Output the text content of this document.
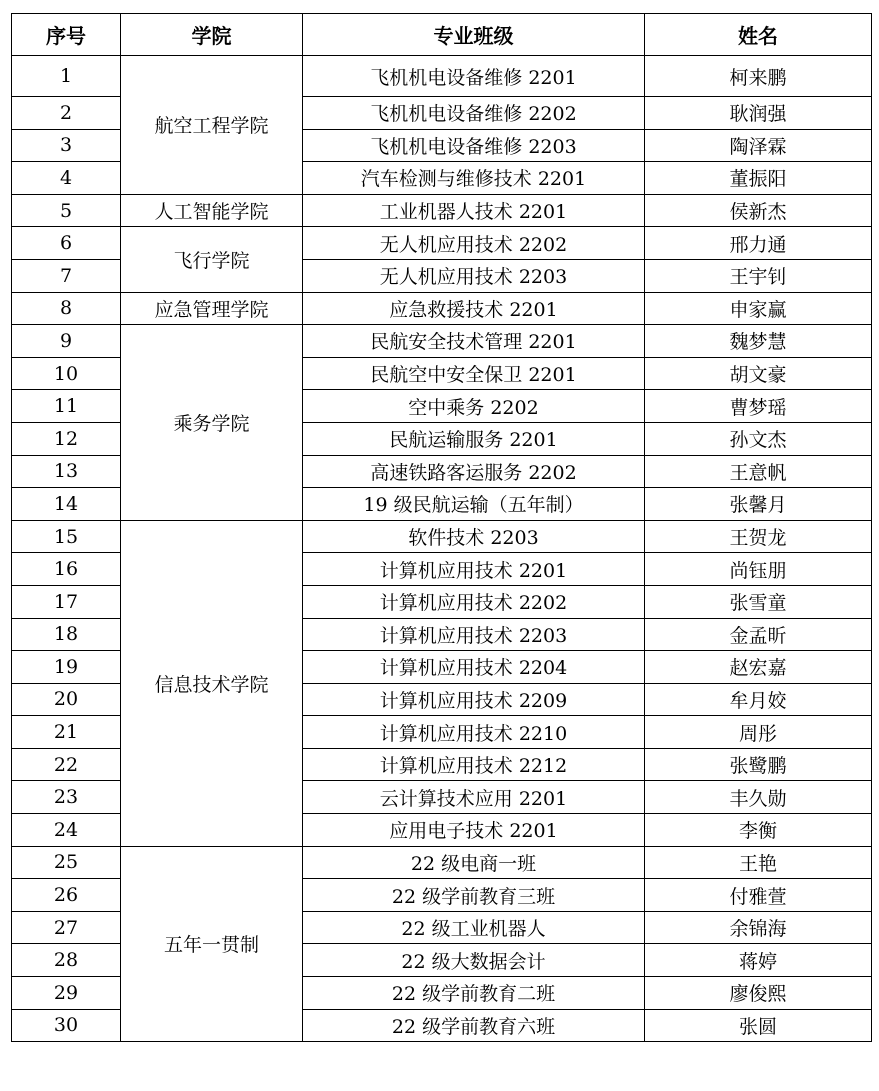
序号	学院	专业班级	姓名
1	航空工程学院	飞机机电设备维修 2201	柯来鹏
2		飞机机电设备维修 2202	耿润强
3		飞机机电设备维修 2203	陶泽霖
4		汽车检测与维修技术 2201	董振阳
5	人工智能学院	工业机器人技术 2201	侯新杰
6	飞行学院	无人机应用技术 2202	邢力通
7		无人机应用技术 2203	王宇钊
8	应急管理学院	应急救援技术 2201	申家赢
9	乘务学院	民航安全技术管理 2201	魏梦慧
10		民航空中安全保卫 2201	胡文豪
11		空中乘务 2202	曹梦瑶
12		民航运输服务 2201	孙文杰
13		高速铁路客运服务 2202	王意帆
14		19 级民航运输（五年制）	张馨月
15	信息技术学院	软件技术 2203	王贺龙
16		计算机应用技术 2201	尚钰朋
17		计算机应用技术 2202	张雪童
18		计算机应用技术 2203	金孟昕
19		计算机应用技术 2204	赵宏嘉
20		计算机应用技术 2209	牟月姣
21		计算机应用技术 2210	周彤
22		计算机应用技术 2212	张鹭鹏
23		云计算技术应用 2201	丰久勋
24		应用电子技术 2201	李衡
25	五年一贯制	22 级电商一班	王艳
26		22 级学前教育三班	付雅萱
27		22 级工业机器人	余锦海
28		22 级大数据会计	蒋婷
29		22 级学前教育二班	廖俊熙
30		22 级学前教育六班	张圆
